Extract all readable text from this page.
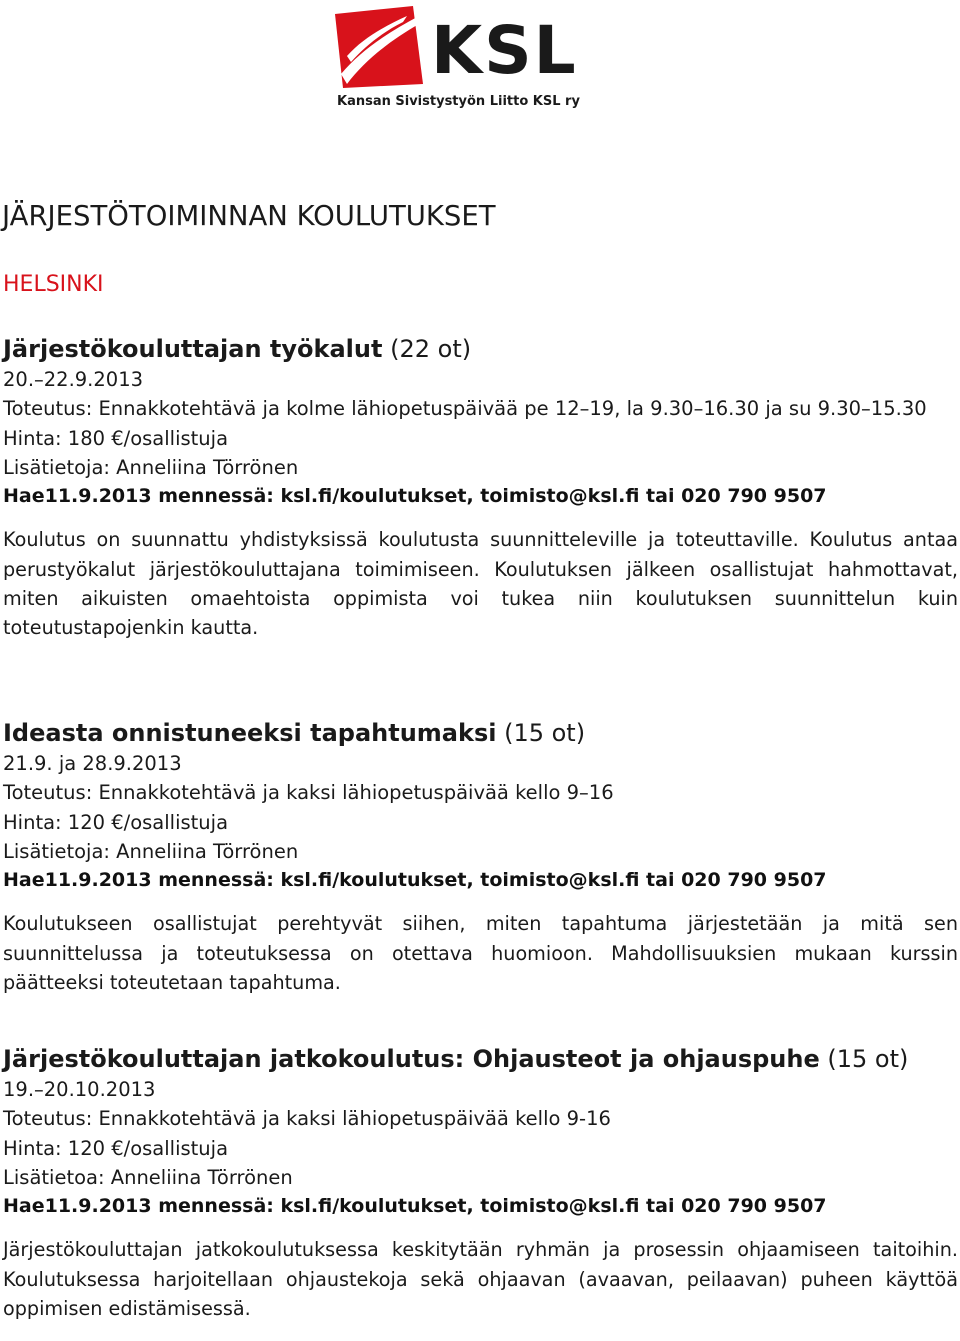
KSL
Kansan Sivistystyön Liitto KSL ry
JÄRJESTÖTOIMINNAN KOULUTUKSET
HELSINKI
Järjestökouluttajan työkalut (22 ot)
20.–22.9.2013
Toteutus: Ennakkotehtävä ja kolme lähiopetuspäivää pe 12–19, la 9.30–16.30 ja su 9.30–15.30
Hinta: 180 €/osallistuja
Lisätietoja: Anneliina Törrönen
Hae11.9.2013 mennessä: ksl.fi/koulutukset, toimisto@ksl.fi tai 020 790 9507
Koulutus on suunnattu yhdistyksissä koulutusta suunnitteleville ja toteuttaville. Koulutus antaa perustyökalut järjestökouluttajana toimimiseen. Koulutuksen jälkeen osallistujat hahmottavat, miten aikuisten omaehtoista oppimista voi tukea niin koulutuksen suunnittelun kuin toteutustapojenkin kautta.
Ideasta onnistuneeksi tapahtumaksi (15 ot)
21.9. ja 28.9.2013
Toteutus: Ennakkotehtävä ja kaksi lähiopetuspäivää kello 9–16
Hinta: 120 €/osallistuja
Lisätietoja: Anneliina Törrönen
Hae11.9.2013 mennessä: ksl.fi/koulutukset, toimisto@ksl.fi tai 020 790 9507
Koulutukseen osallistujat perehtyvät siihen, miten tapahtuma järjestetään ja mitä sen suunnittelussa ja toteutuksessa on otettava huomioon. Mahdollisuuksien mukaan kurssin päätteeksi toteutetaan tapahtuma.
Järjestökouluttajan jatkokoulutus: Ohjausteot ja ohjauspuhe (15 ot)
19.–20.10.2013
Toteutus: Ennakkotehtävä ja kaksi lähiopetuspäivää kello 9-16
Hinta: 120 €/osallistuja
Lisätietoa: Anneliina Törrönen
Hae11.9.2013 mennessä: ksl.fi/koulutukset, toimisto@ksl.fi tai 020 790 9507
Järjestökouluttajan jatkokoulutuksessa keskitytään ryhmän ja prosessin ohjaamiseen taitoihin. Koulutuksessa harjoitellaan ohjaustekoja sekä ohjaavan (avaavan, peilaavan) puheen käyttöä oppimisen edistämisessä.
